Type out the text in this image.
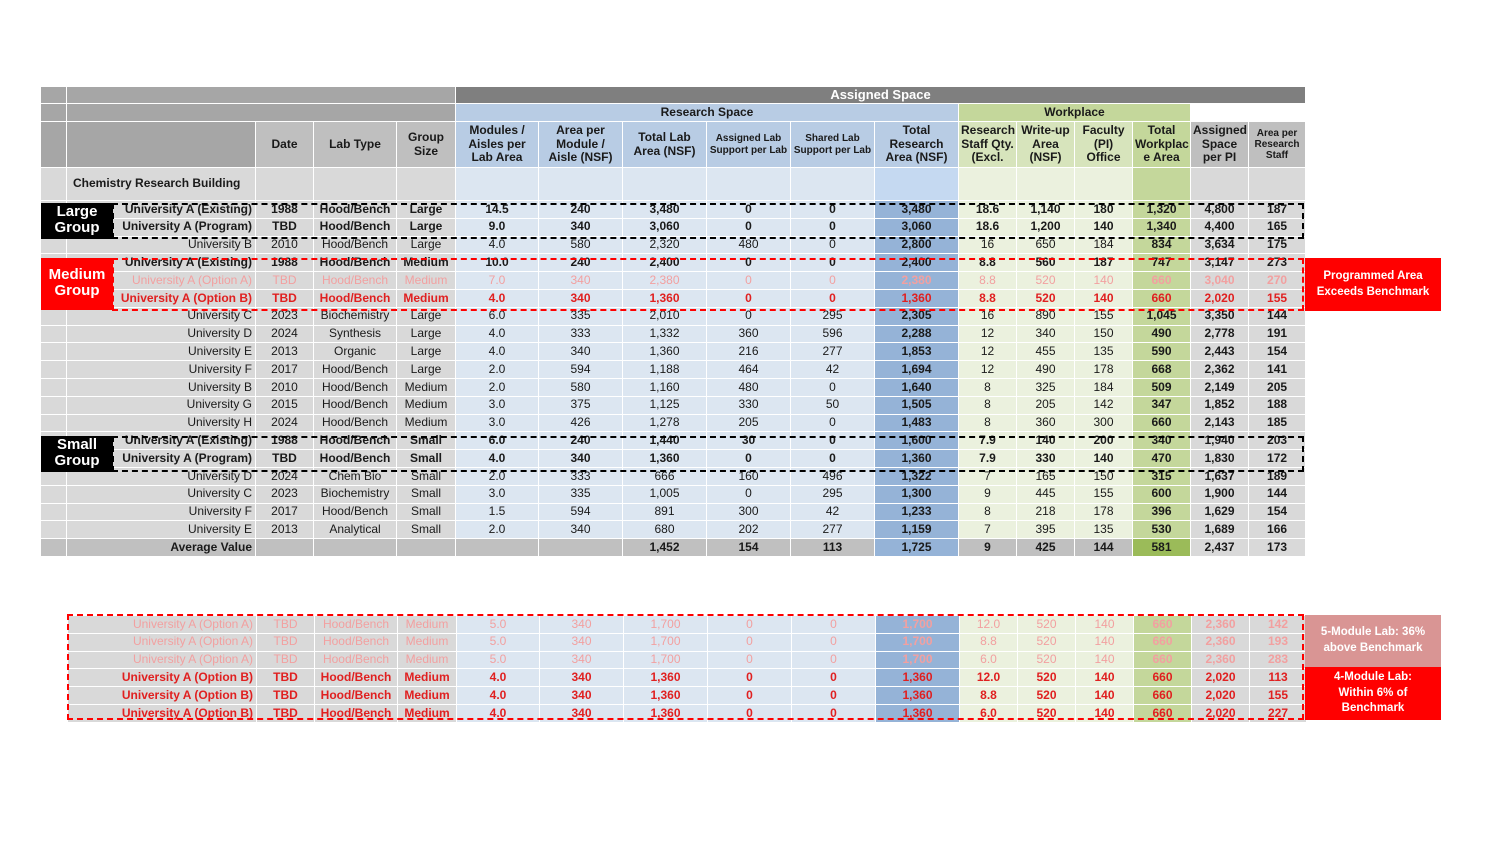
					Assigned Space											
					Research Space						Workplace					
		Date	Lab Type	Group Size	Modules / Aisles per Lab Area	Area per Module / Aisle (NSF)	Total Lab Area (NSF)	Assigned Lab Support per Lab	Shared Lab Support per Lab	Total Research Area (NSF)	Research Staff Qty. (Excl.	Write-up Area (NSF)	Faculty (PI) Office	Total Workplac e Area	Assigned Space per PI	Area per Research Staff
	Chemistry Research Building															
	University A (Existing)	1988	Hood/Bench	Large	14.5	240	3,480	0	0	3,480	18.6	1,140	180	1,320	4,800	187
	University A (Program)	TBD	Hood/Bench	Large	9.0	340	3,060	0	0	3,060	18.6	1,200	140	1,340	4,400	165
	University B	2010	Hood/Bench	Large	4.0	580	2,320	480	0	2,800	16	650	184	834	3,634	175
	University A (Existing)	1988	Hood/Bench	Medium	10.0	240	2,400	0	0	2,400	8.8	560	187	747	3,147	273
	University A (Option A)	TBD	Hood/Bench	Medium	7.0	340	2,380	0	0	2,380	8.8	520	140	660	3,040	270
	University A (Option B)	TBD	Hood/Bench	Medium	4.0	340	1,360	0	0	1,360	8.8	520	140	660	2,020	155
	University C	2023	Biochemistry	Large	6.0	335	2,010	0	295	2,305	16	890	155	1,045	3,350	144
	University D	2024	Synthesis	Large	4.0	333	1,332	360	596	2,288	12	340	150	490	2,778	191
	University E	2013	Organic	Large	4.0	340	1,360	216	277	1,853	12	455	135	590	2,443	154
	University F	2017	Hood/Bench	Large	2.0	594	1,188	464	42	1,694	12	490	178	668	2,362	141
	University B	2010	Hood/Bench	Medium	2.0	580	1,160	480	0	1,640	8	325	184	509	2,149	205
	University G	2015	Hood/Bench	Medium	3.0	375	1,125	330	50	1,505	8	205	142	347	1,852	188
	University H	2024	Hood/Bench	Medium	3.0	426	1,278	205	0	1,483	8	360	300	660	2,143	185
	University A (Existing)	1988	Hood/Bench	Small	6.0	240	1,440	30	0	1,600	7.9	140	200	340	1,940	203
	University A (Program)	TBD	Hood/Bench	Small	4.0	340	1,360	0	0	1,360	7.9	330	140	470	1,830	172
	University D	2024	Chem Bio	Small	2.0	333	666	160	496	1,322	7	165	150	315	1,637	189
	University C	2023	Biochemistry	Small	3.0	335	1,005	0	295	1,300	9	445	155	600	1,900	144
	University F	2017	Hood/Bench	Small	1.5	594	891	300	42	1,233	8	218	178	396	1,629	154
	University E	2013	Analytical	Small	2.0	340	680	202	277	1,159	7	395	135	530	1,689	166
	Average Value						1,452	154	113	1,725	9	425	144	581	2,437	173
University A (Option A)	TBD	Hood/Bench	Medium	5.0	340	1,700	0	0	1,700	12.0	520	140	660	2,360	142
University A (Option A)	TBD	Hood/Bench	Medium	5.0	340	1,700	0	0	1,700	8.8	520	140	660	2,360	193
University A (Option A)	TBD	Hood/Bench	Medium	5.0	340	1,700	0	0	1,700	6.0	520	140	660	2,360	283
University A (Option B)	TBD	Hood/Bench	Medium	4.0	340	1,360	0	0	1,360	12.0	520	140	660	2,020	113
University A (Option B)	TBD	Hood/Bench	Medium	4.0	340	1,360	0	0	1,360	8.8	520	140	660	2,020	155
University A (Option B)	TBD	Hood/Bench	Medium	4.0	340	1,360	0	0	1,360	6.0	520	140	660	2,020	227
Large Group
Medium Group
Small Group
Programmed Area Exceeds Benchmark
5-Module Lab: 36% above Benchmark
4-Module Lab: Within 6% of Benchmark
